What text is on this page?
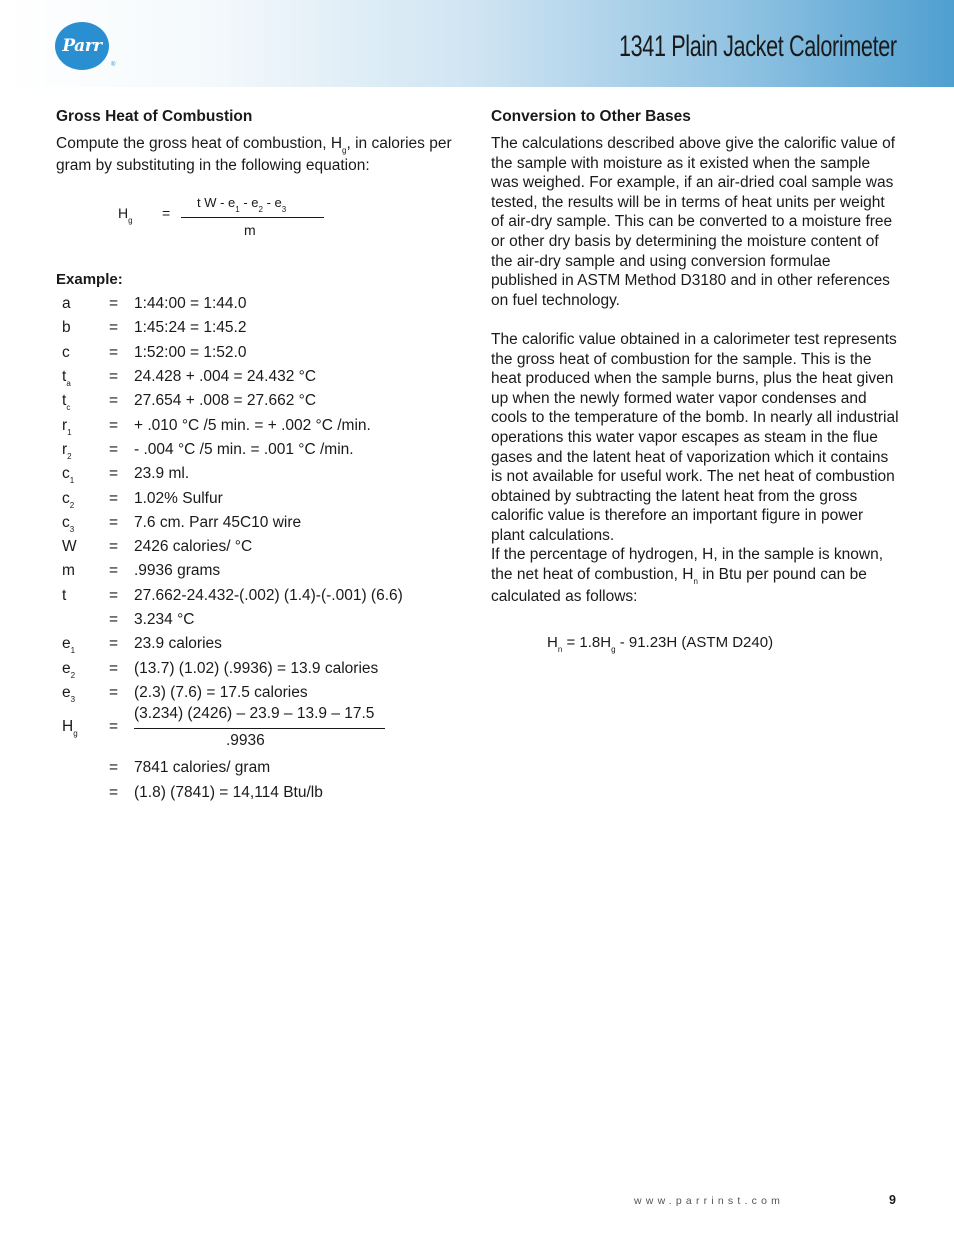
Parr
®
1341 Plain Jacket Calorimeter
Gross Heat of Combustion

Compute the gross heat of combustion, $H_g$, in calories per gram by substituting in the following equation:

$H_g$ =
t W - $e_1 - e_2 - e_3$
m
Example:
a = 1:44:00 = 1:44.0
b = 1:45:24 = 1:45.2
c	= 1:52:00 = 1:52.0
$t_a = 24.428 + .004 = 24.432$ °C
$t_c = 27.654 + .008 = 27.662$ °C
$r_1$ = + .010 °C /5 min. = + .002 °C /min.
$r_2$ = - .004 °C /5 min. = .001 °C /min.
$c_1 = 23.9$ ml.
$c_2 = 1.02\%$ Sulfur
$c_3 = 7.6$ cm. Parr 45C10 wire
W = 2426 calories/ °C
m = .9936 grams
t	= 27.662-24.432-(.002) (1.4)-(-.001) (6.6)
= 3.234 °C
$e_1 = 23.9$ calories
$e_2 = (13.7)$ (1.02) (.9936) = 13.9 calories
$e_3 = (2.3) (7.6) = 17.5$ calories
$H_g$ =
(3.234) (2426) – 23.9 – 13.9 – 17.5
.9936
= 7841 calories/ gram
= (1.8) (7841) = 14,114 Btu/lb
Conversion to Other Bases

The calculations described above give the calorific value of the sample with moisture as it existed when the sample was weighed. For example, if an air-dried coal sample was tested, the results will be in terms of heat units per weight of air-dry sample. This can be converted to a moisture free or other dry basis by determining the moisture content of the air-dry sample and using conversion formulae published in ASTM Method D3180 and in other references on fuel technology.

The calorific value obtained in a calorimeter test represents the gross heat of combustion for the sample. This is the heat produced when the sample burns, plus the heat given up when the newly formed water vapor condenses and cools to the temperature of the bomb. In nearly all industrial operations this water vapor escapes as steam in the flue gases and the latent heat of vaporization which it contains is not available for useful work. The net heat of combustion obtained by subtracting the latent heat from the gross calorific value is therefore an important figure in power plant calculations.

If the percentage of hydrogen, H, in the sample is known, the net heat of combustion, $H_n$ in Btu per pound can be calculated as follows:

$H_n = 1.8H_g - 91.23H$ (ASTM D240)
www.parrinst.com	9
